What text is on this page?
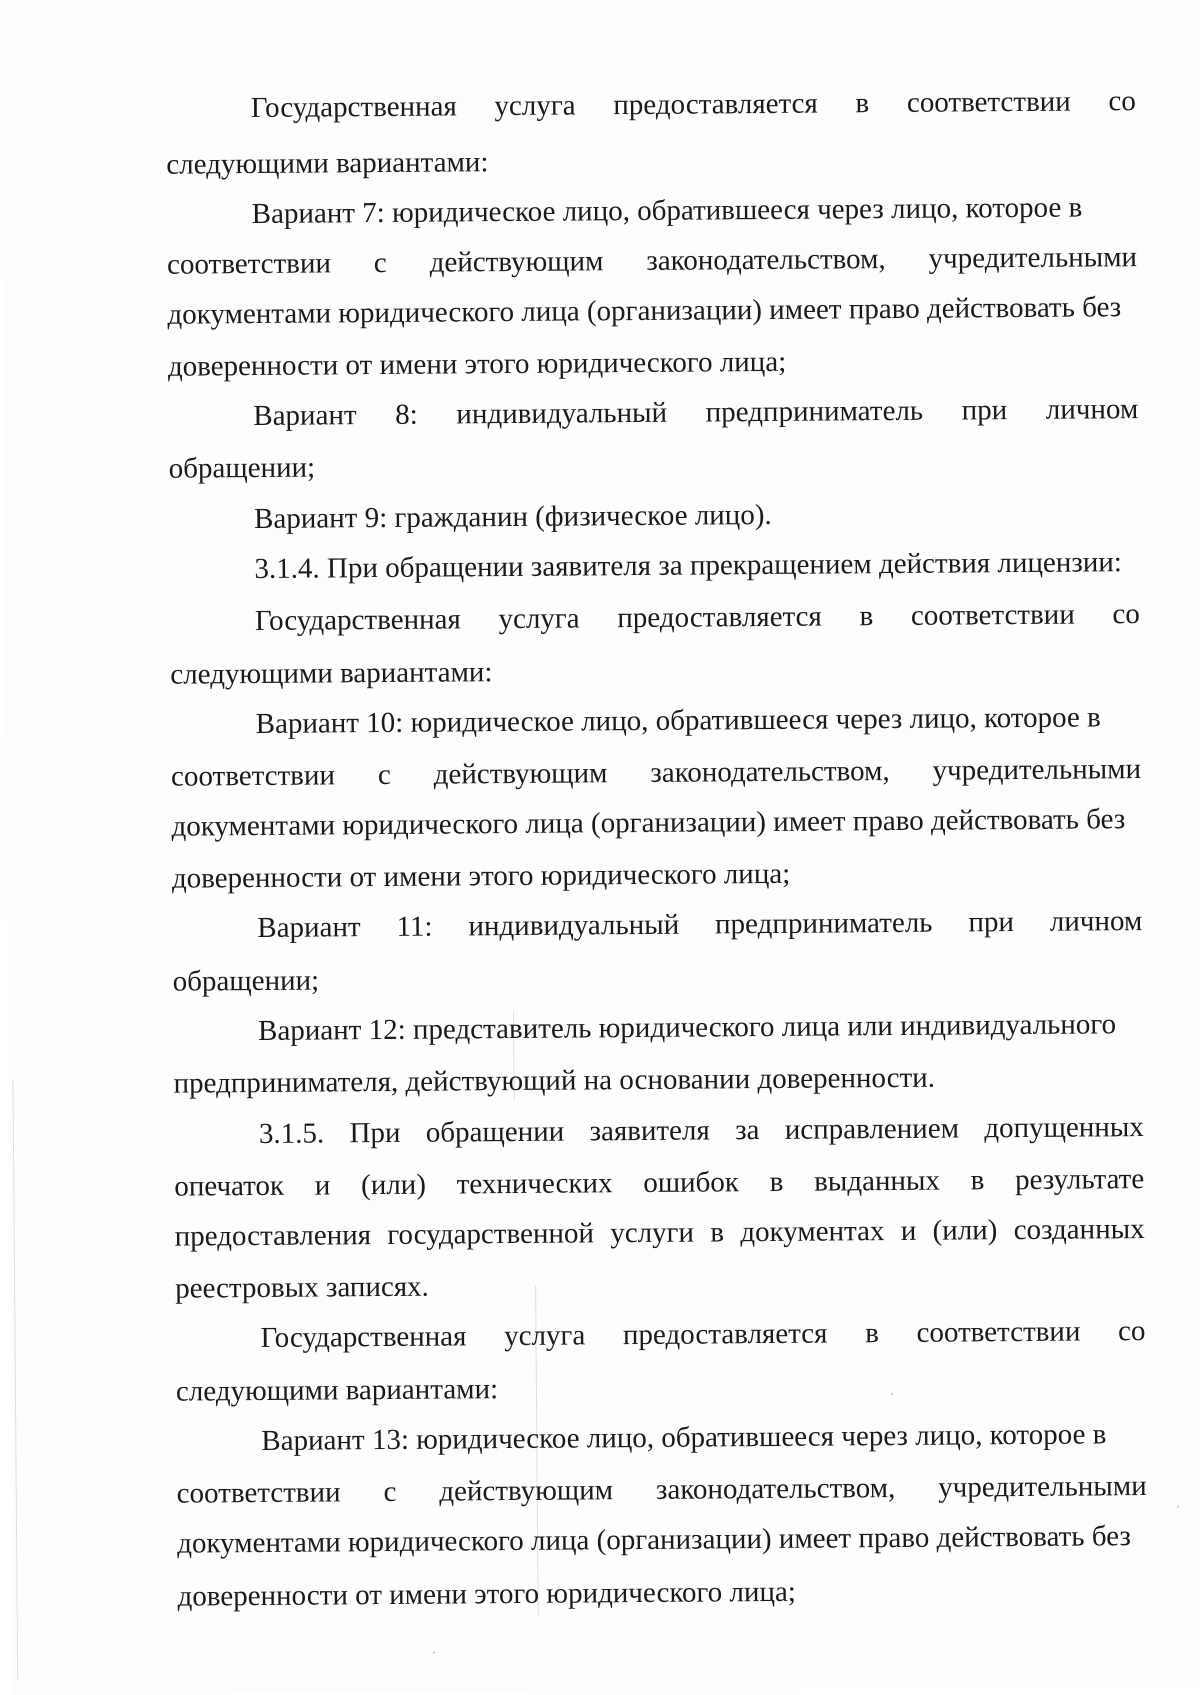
Государственная услуга предоставляется в соответствии со
следующими вариантами:
Вариант 7: юридическое лицо, обратившееся через лицо, которое в
соответствии с действующим законодательством, учредительными
документами юридического лица (организации) имеет право действовать без
доверенности от имени этого юридического лица;
Вариант 8: индивидуальный предприниматель при личном
обращении;
Вариант 9: гражданин (физическое лицо).
3.1.4. При обращении заявителя за прекращением действия лицензии:
Государственная услуга предоставляется в соответствии со
следующими вариантами:
Вариант 10: юридическое лицо, обратившееся через лицо, которое в
соответствии с действующим законодательством, учредительными
документами юридического лица (организации) имеет право действовать без
доверенности от имени этого юридического лица;
Вариант 11: индивидуальный предприниматель при личном
обращении;
Вариант 12: представитель юридического лица или индивидуального
предпринимателя, действующий на основании доверенности.
3.1.5. При обращении заявителя за исправлением допущенных
опечаток и (или) технических ошибок в выданных в результате
предоставления государственной услуги в документах и (или) созданных
реестровых записях.
Государственная услуга предоставляется в соответствии со
следующими вариантами:
Вариант 13: юридическое лицо, обратившееся через лицо, которое в
соответствии с действующим законодательством, учредительными
документами юридического лица (организации) имеет право действовать без
доверенности от имени этого юридического лица;
